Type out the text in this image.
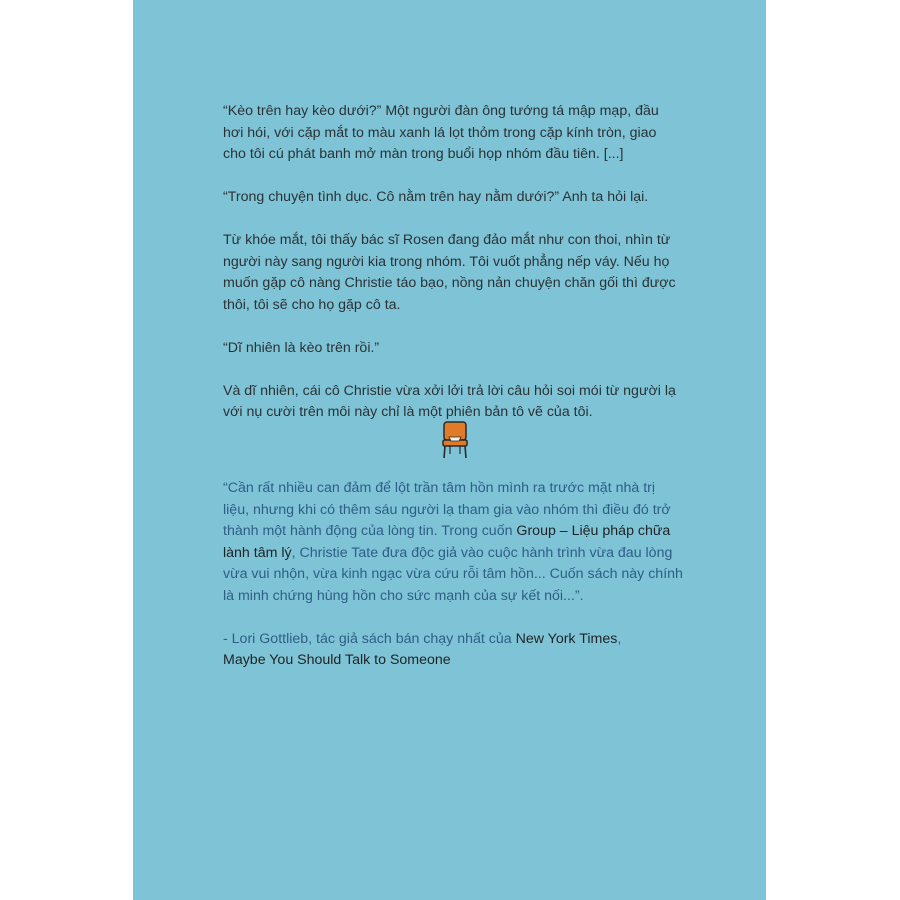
“Kèo trên hay kèo dưới?” Một người đàn ông tướng tá mập mạp, đầu hơi hói, với cặp mắt to màu xanh lá lọt thỏm trong cặp kính tròn, giao cho tôi cú phát banh mở màn trong buổi họp nhóm đầu tiên. [...]

“Trong chuyện tình dục. Cô nằm trên hay nằm dưới?” Anh ta hỏi lại.

Từ khóe mắt, tôi thấy bác sĩ Rosen đang đảo mắt như con thoi, nhìn từ người này sang người kia trong nhóm. Tôi vuốt phẳng nếp váy. Nếu họ muốn gặp cô nàng Christie táo bạo, nồng nản chuyện chăn gối thì được thôi, tôi sẽ cho họ gặp cô ta.

“Dĩ nhiên là kèo trên rồi.”

Và dĩ nhiên, cái cô Christie vừa xởi lởi trả lời câu hỏi soi mói từ người lạ với nụ cười trên môi này chỉ là một phiên bản tô vẽ của tôi.

“Cần rất nhiều can đảm để lột trần tâm hồn mình ra trước mặt nhà trị liệu, nhưng khi có thêm sáu người lạ tham gia vào nhóm thì điều đó trở thành một hành động của lòng tin. Trong cuốn Group – Liệu pháp chữa lành tâm lý, Christie Tate đưa độc giả vào cuộc hành trình vừa đau lòng vừa vui nhộn, vừa kinh ngạc vừa cứu rỗi tâm hồn... Cuốn sách này chính là minh chứng hùng hồn cho sức mạnh của sự kết nối...”.

- Lori Gottlieb, tác giả sách bán chạy nhất của New York Times,
Maybe You Should Talk to Someone
